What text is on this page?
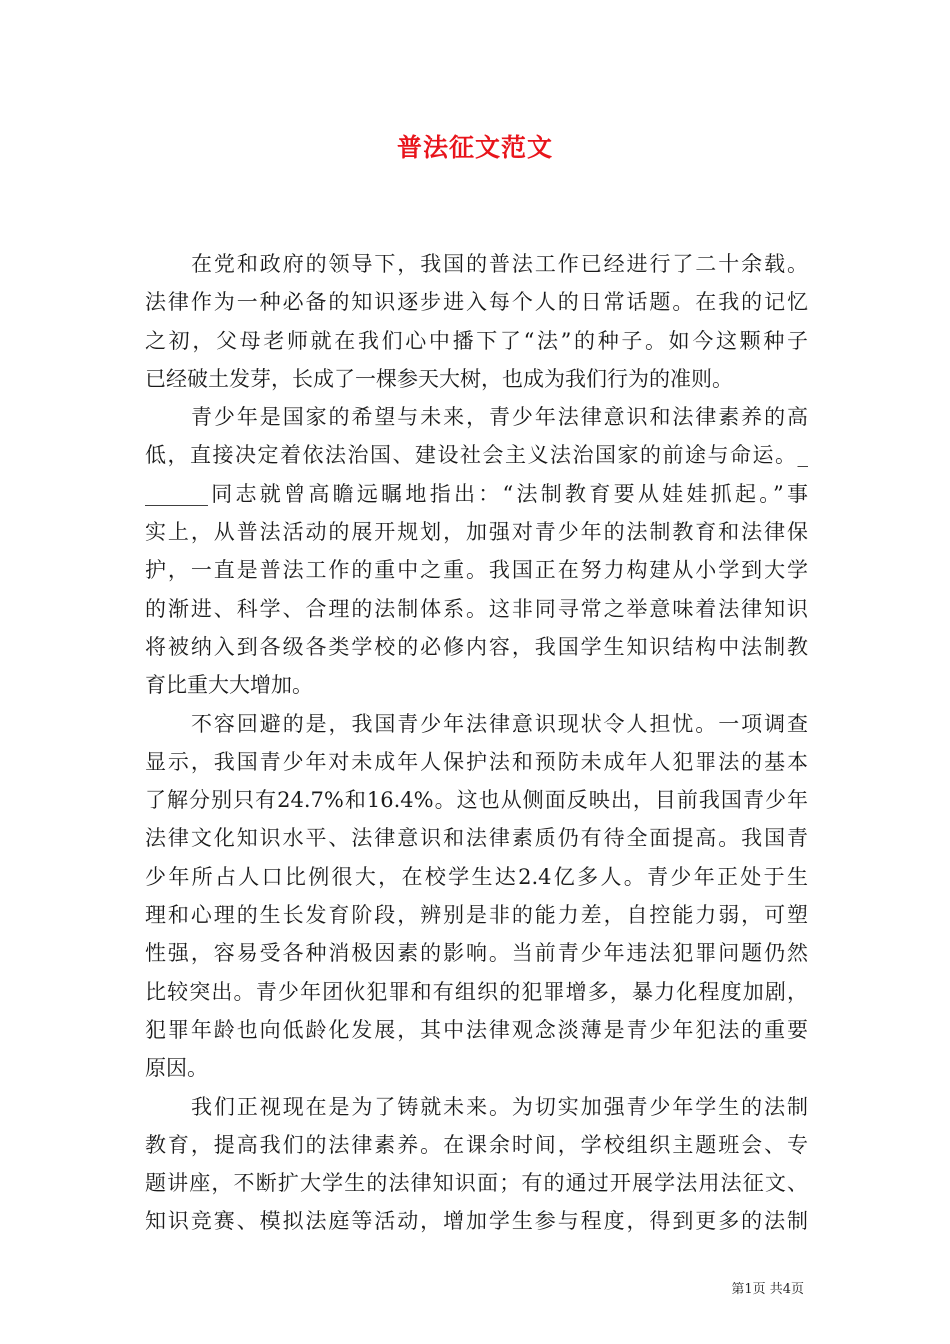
普法征文范文
在党和政府的领导下，我国的普法工作已经进行了二十余载。
法律作为一种必备的知识逐步进入每个人的日常话题。在我的记忆
之初，父母老师就在我们心中播下了“法”的种子。如今这颗种子
已经破土发芽，长成了一棵参天大树，也成为我们行为的准则。
青少年是国家的希望与未来，青少年法律意识和法律素养的高
低，直接决定着依法治国、建设社会主义法治国家的前途与命运。_
______同志就曾高瞻远瞩地指出：“法制教育要从娃娃抓起。”事
实上，从普法活动的展开规划，加强对青少年的法制教育和法律保
护，一直是普法工作的重中之重。我国正在努力构建从小学到大学
的渐进、科学、合理的法制体系。这非同寻常之举意味着法律知识
将被纳入到各级各类学校的必修内容，我国学生知识结构中法制教
育比重大大增加。
不容回避的是，我国青少年法律意识现状令人担忧。一项调查
显示，我国青少年对未成年人保护法和预防未成年人犯罪法的基本
了解分别只有24.7%和16.4%。这也从侧面反映出，目前我国青少年
法律文化知识水平、法律意识和法律素质仍有待全面提高。我国青
少年所占人口比例很大，在校学生达2.4亿多人。青少年正处于生
理和心理的生长发育阶段，辨别是非的能力差，自控能力弱，可塑
性强，容易受各种消极因素的影响。当前青少年违法犯罪问题仍然
比较突出。青少年团伙犯罪和有组织的犯罪增多，暴力化程度加剧，
犯罪年龄也向低龄化发展，其中法律观念淡薄是青少年犯法的重要
原因。
我们正视现在是为了铸就未来。为切实加强青少年学生的法制
教育，提高我们的法律素养。在课余时间，学校组织主题班会、专
题讲座，不断扩大学生的法律知识面；有的通过开展学法用法征文、
知识竞赛、模拟法庭等活动，增加学生参与程度，得到更多的法制
第1页 共4页
